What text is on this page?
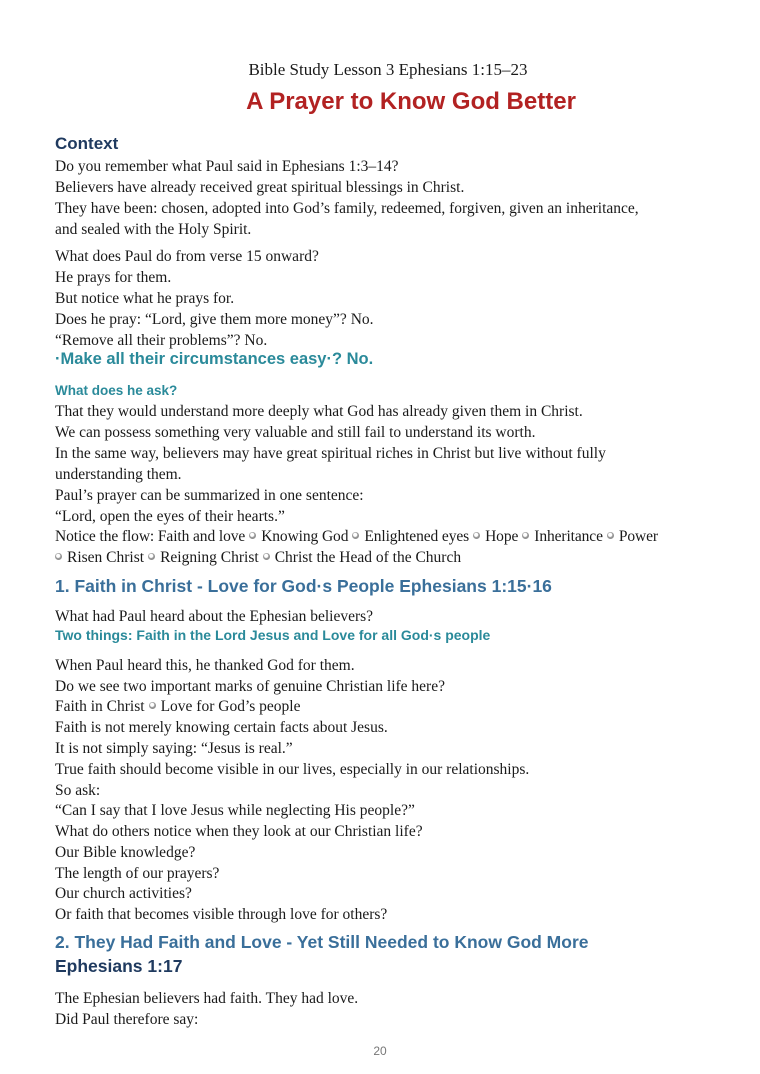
Bible Study Lesson 3 Ephesians 1:15–23
A Prayer to Know God Better
Context
Do you remember what Paul said in Ephesians 1:3–14?
Believers have already received great spiritual blessings in Christ.
They have been: chosen, adopted into God’s family, redeemed, forgiven, given an inheritance,
and sealed with the Holy Spirit.
What does Paul do from verse 15 onward?
He prays for them.
But notice what he prays for.
Does he pray: “Lord, give them more money”? No.
“Remove all their problems”? No.
·Make all their circumstances easy·? No.
What does he ask?
That they would understand more deeply what God has already given them in Christ.
We can possess something very valuable and still fail to understand its worth.
In the same way, believers may have great spiritual riches in Christ but live without fully
understanding them.
Paul’s prayer can be summarized in one sentence:
“Lord, open the eyes of their hearts.”
Notice the flow: Faith and love Knowing God Enlightened eyes Hope Inheritance Power
Risen Christ Reigning Christ Christ the Head of the Church
1. Faith in Christ - Love for God·s People Ephesians 1:15·16
What had Paul heard about the Ephesian believers?
Two things: Faith in the Lord Jesus and Love for all God·s people
When Paul heard this, he thanked God for them.
Do we see two important marks of genuine Christian life here?
Faith in Christ Love for God’s people
Faith is not merely knowing certain facts about Jesus.
It is not simply saying: “Jesus is real.”
True faith should become visible in our lives, especially in our relationships.
So ask:
“Can I say that I love Jesus while neglecting His people?”
What do others notice when they look at our Christian life?
Our Bible knowledge?
The length of our prayers?
Our church activities?
Or faith that becomes visible through love for others?
2. They Had Faith and Love - Yet Still Needed to Know God More
Ephesians 1:17
The Ephesian believers had faith. They had love.
Did Paul therefore say:
20
